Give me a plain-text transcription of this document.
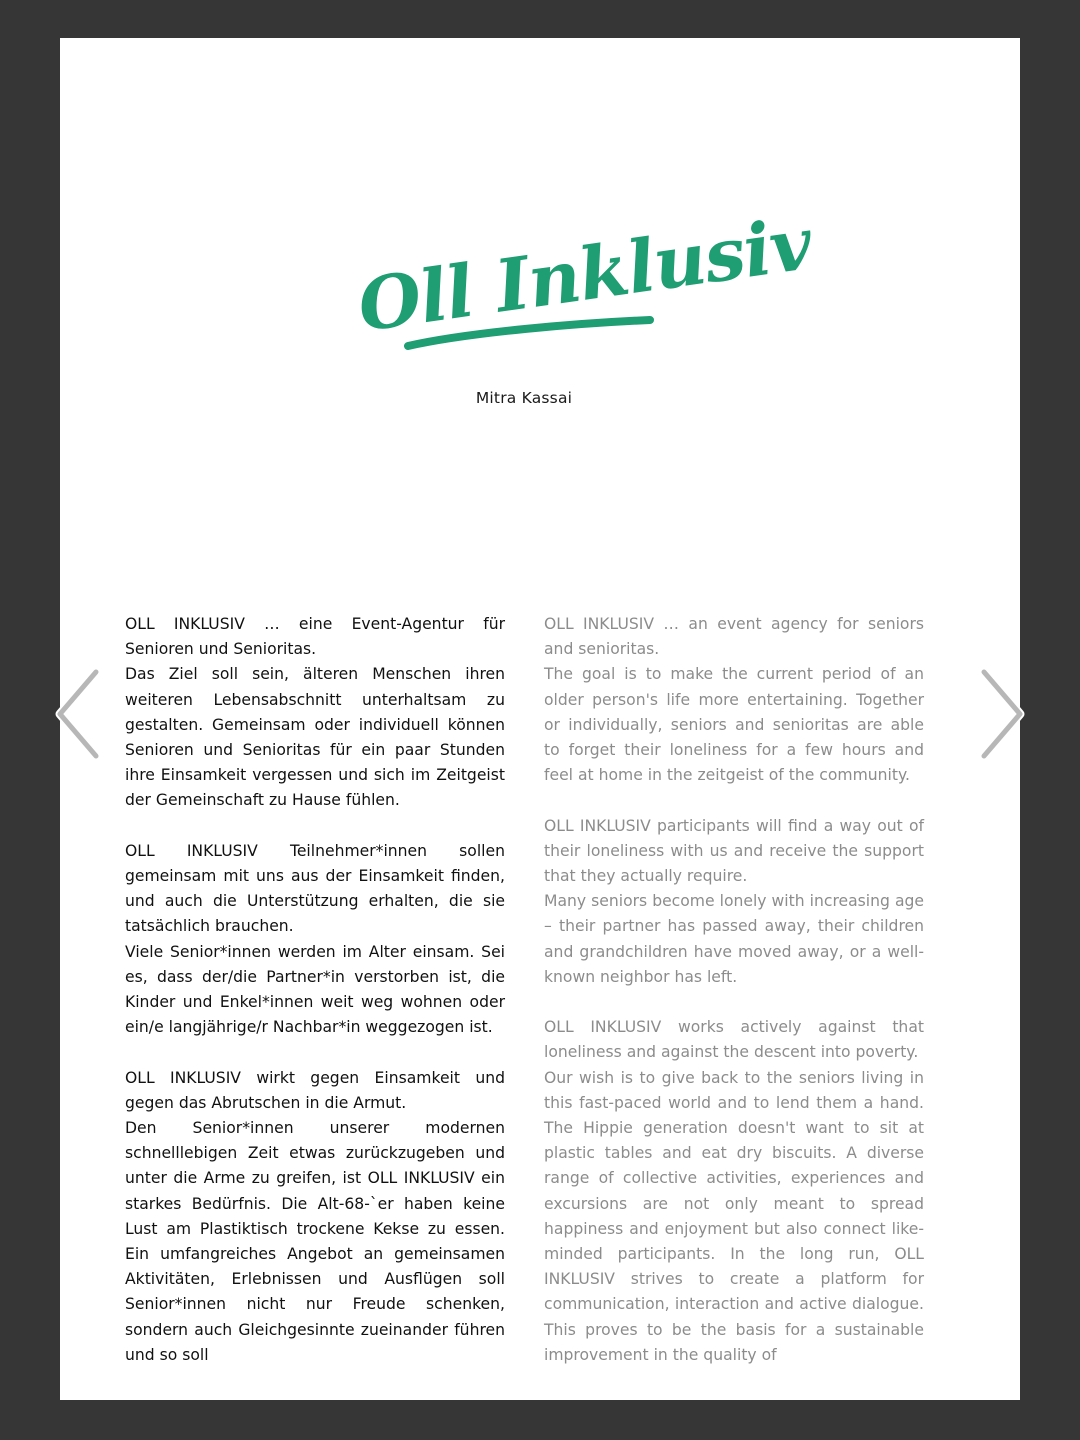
Oll Inklusiv
Mitra Kassai

OLL INKLUSIV … eine Event-Agentur für Senioren und Senioritas.
Das Ziel soll sein, älteren Menschen ihren weiteren Lebensabschnitt unterhaltsam zu gestalten. Gemeinsam oder individuell können Senioren und Senioritas für ein paar Stunden ihre Einsamkeit vergessen und sich im Zeitgeist der Gemeinschaft zu Hause fühlen.

OLL INKLUSIV Teilnehmer*innen sollen gemeinsam mit uns aus der Einsamkeit finden, und auch die Unterstützung erhalten, die sie tatsächlich brauchen.
Viele Senior*innen werden im Alter einsam. Sei es, dass der/die Partner*in verstorben ist, die Kinder und Enkel*innen weit weg wohnen oder ein/e langjährige/r Nachbar*in weggezogen ist.

OLL INKLUSIV wirkt gegen Einsamkeit und gegen das Abrutschen in die Armut.
Den Senior*innen unserer modernen schnelllebigen Zeit etwas zurückzugeben und unter die Arme zu greifen, ist OLL INKLUSIV ein starkes Bedürfnis. Die Alt-68-`er haben keine Lust am Plastiktisch trockene Kekse zu essen. Ein umfangreiches Angebot an gemeinsamen Aktivitäten, Erlebnissen und Ausflügen soll Senior*innen nicht nur Freude schenken, sondern auch Gleichgesinnte zueinander führen und so soll

OLL INKLUSIV … an event agency for seniors and senioritas.
The goal is to make the current period of an older person's life more entertaining. Together or individually, seniors and senioritas are able to forget their loneliness for a few hours and feel at home in the zeitgeist of the community.

OLL INKLUSIV participants will find a way out of their loneliness with us and receive the support that they actually require.
Many seniors become lonely with increasing age – their partner has passed away, their children and grandchildren have moved away, or a well-known neighbor has left.

OLL INKLUSIV works actively against that loneliness and against the descent into poverty.
Our wish is to give back to the seniors living in this fast-paced world and to lend them a hand. The Hippie generation doesn't want to sit at plastic tables and eat dry biscuits. A diverse range of collective activities, experiences and excursions are not only meant to spread happiness and enjoyment but also connect like-minded participants. In the long run, OLL INKLUSIV strives to create a platform for communication, interaction and active dialogue. This proves to be the basis for a sustainable improvement in the quality of
